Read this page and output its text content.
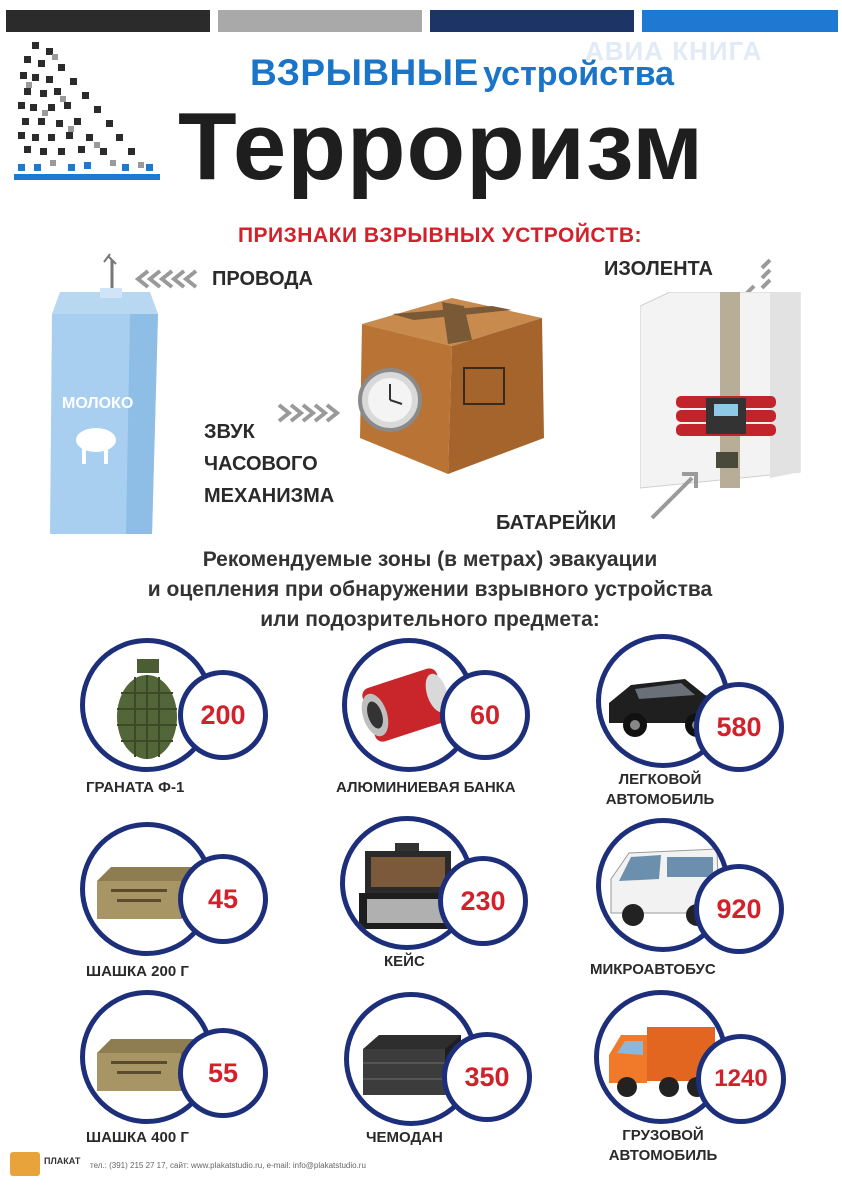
АВИА КНИГА
ВЗРЫВНЫЕ устройства
Терроризм
ПРИЗНАКИ ВЗРЫВНЫХ УСТРОЙСТВ:
МОЛОКО
ПРОВОДА
ЗВУК
ЧАСОВОГО
МЕХАНИЗМА
ИЗОЛЕНТА
БАТАРЕЙКИ
Рекомендуемые зоны (в метрах) эвакуации
и оцепления при обнаружении взрывного устройства
или подозрительного предмета:
200
ГРАНАТА Ф-1
60
АЛЮМИНИЕВАЯ БАНКА
580
ЛЕГКОВОЙ
АВТОМОБИЛЬ
45
ШАШКА 200 Г
230
КЕЙС
920
МИКРОАВТОБУС
55
ШАШКА 400 Г
350
ЧЕМОДАН
1240
ГРУЗОВОЙ
АВТОМОБИЛЬ
ПЛАКАТ тел.: (391) 215 27 17, сайт: www.plakatstudio.ru, e-mail: info@plakatstudio.ru
